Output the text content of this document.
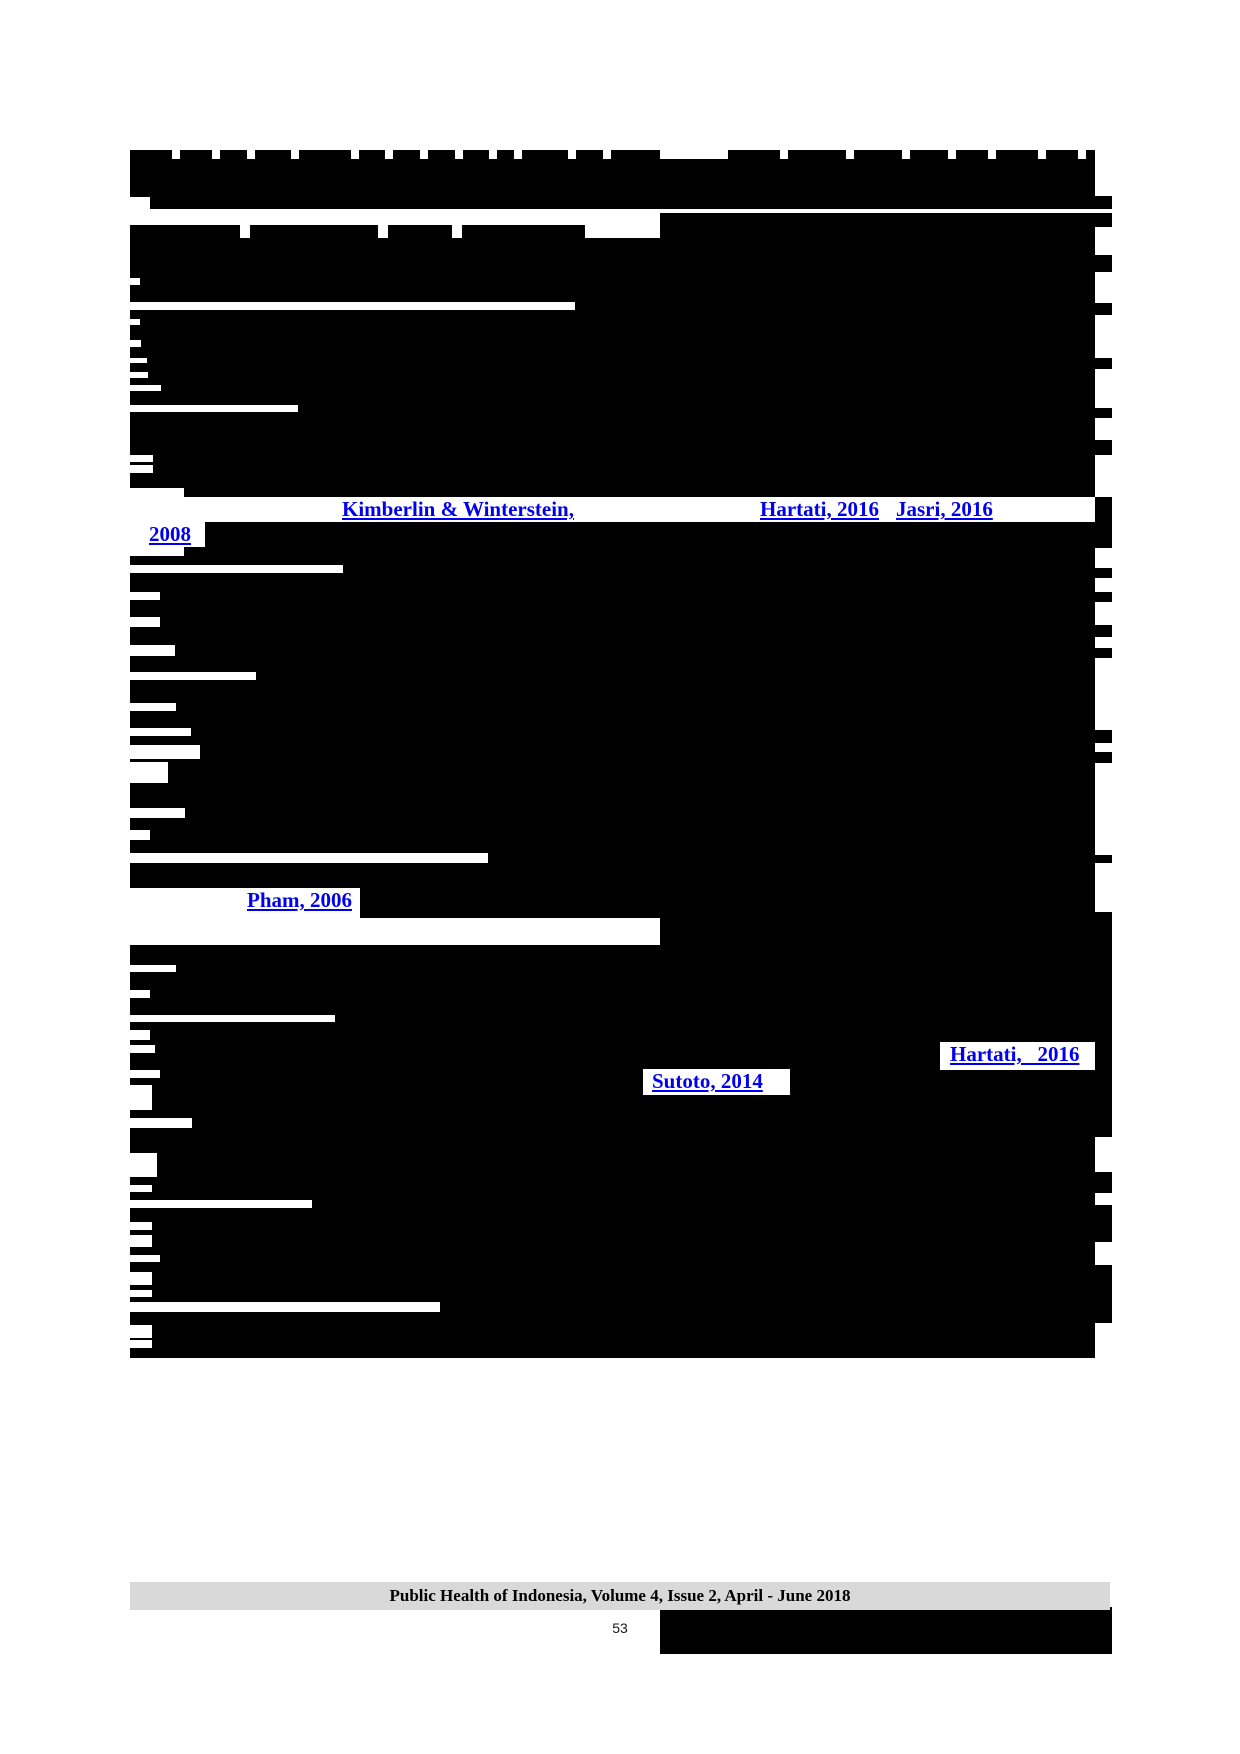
Kimberlin & Winterstein,	Hartati, 2016 Jasri, 2016
2008
Pham, 2006
Hartati,  2016
Sutoto, 2014
Public Health of Indonesia, Volume 4, Issue 2, April - June 2018
53
